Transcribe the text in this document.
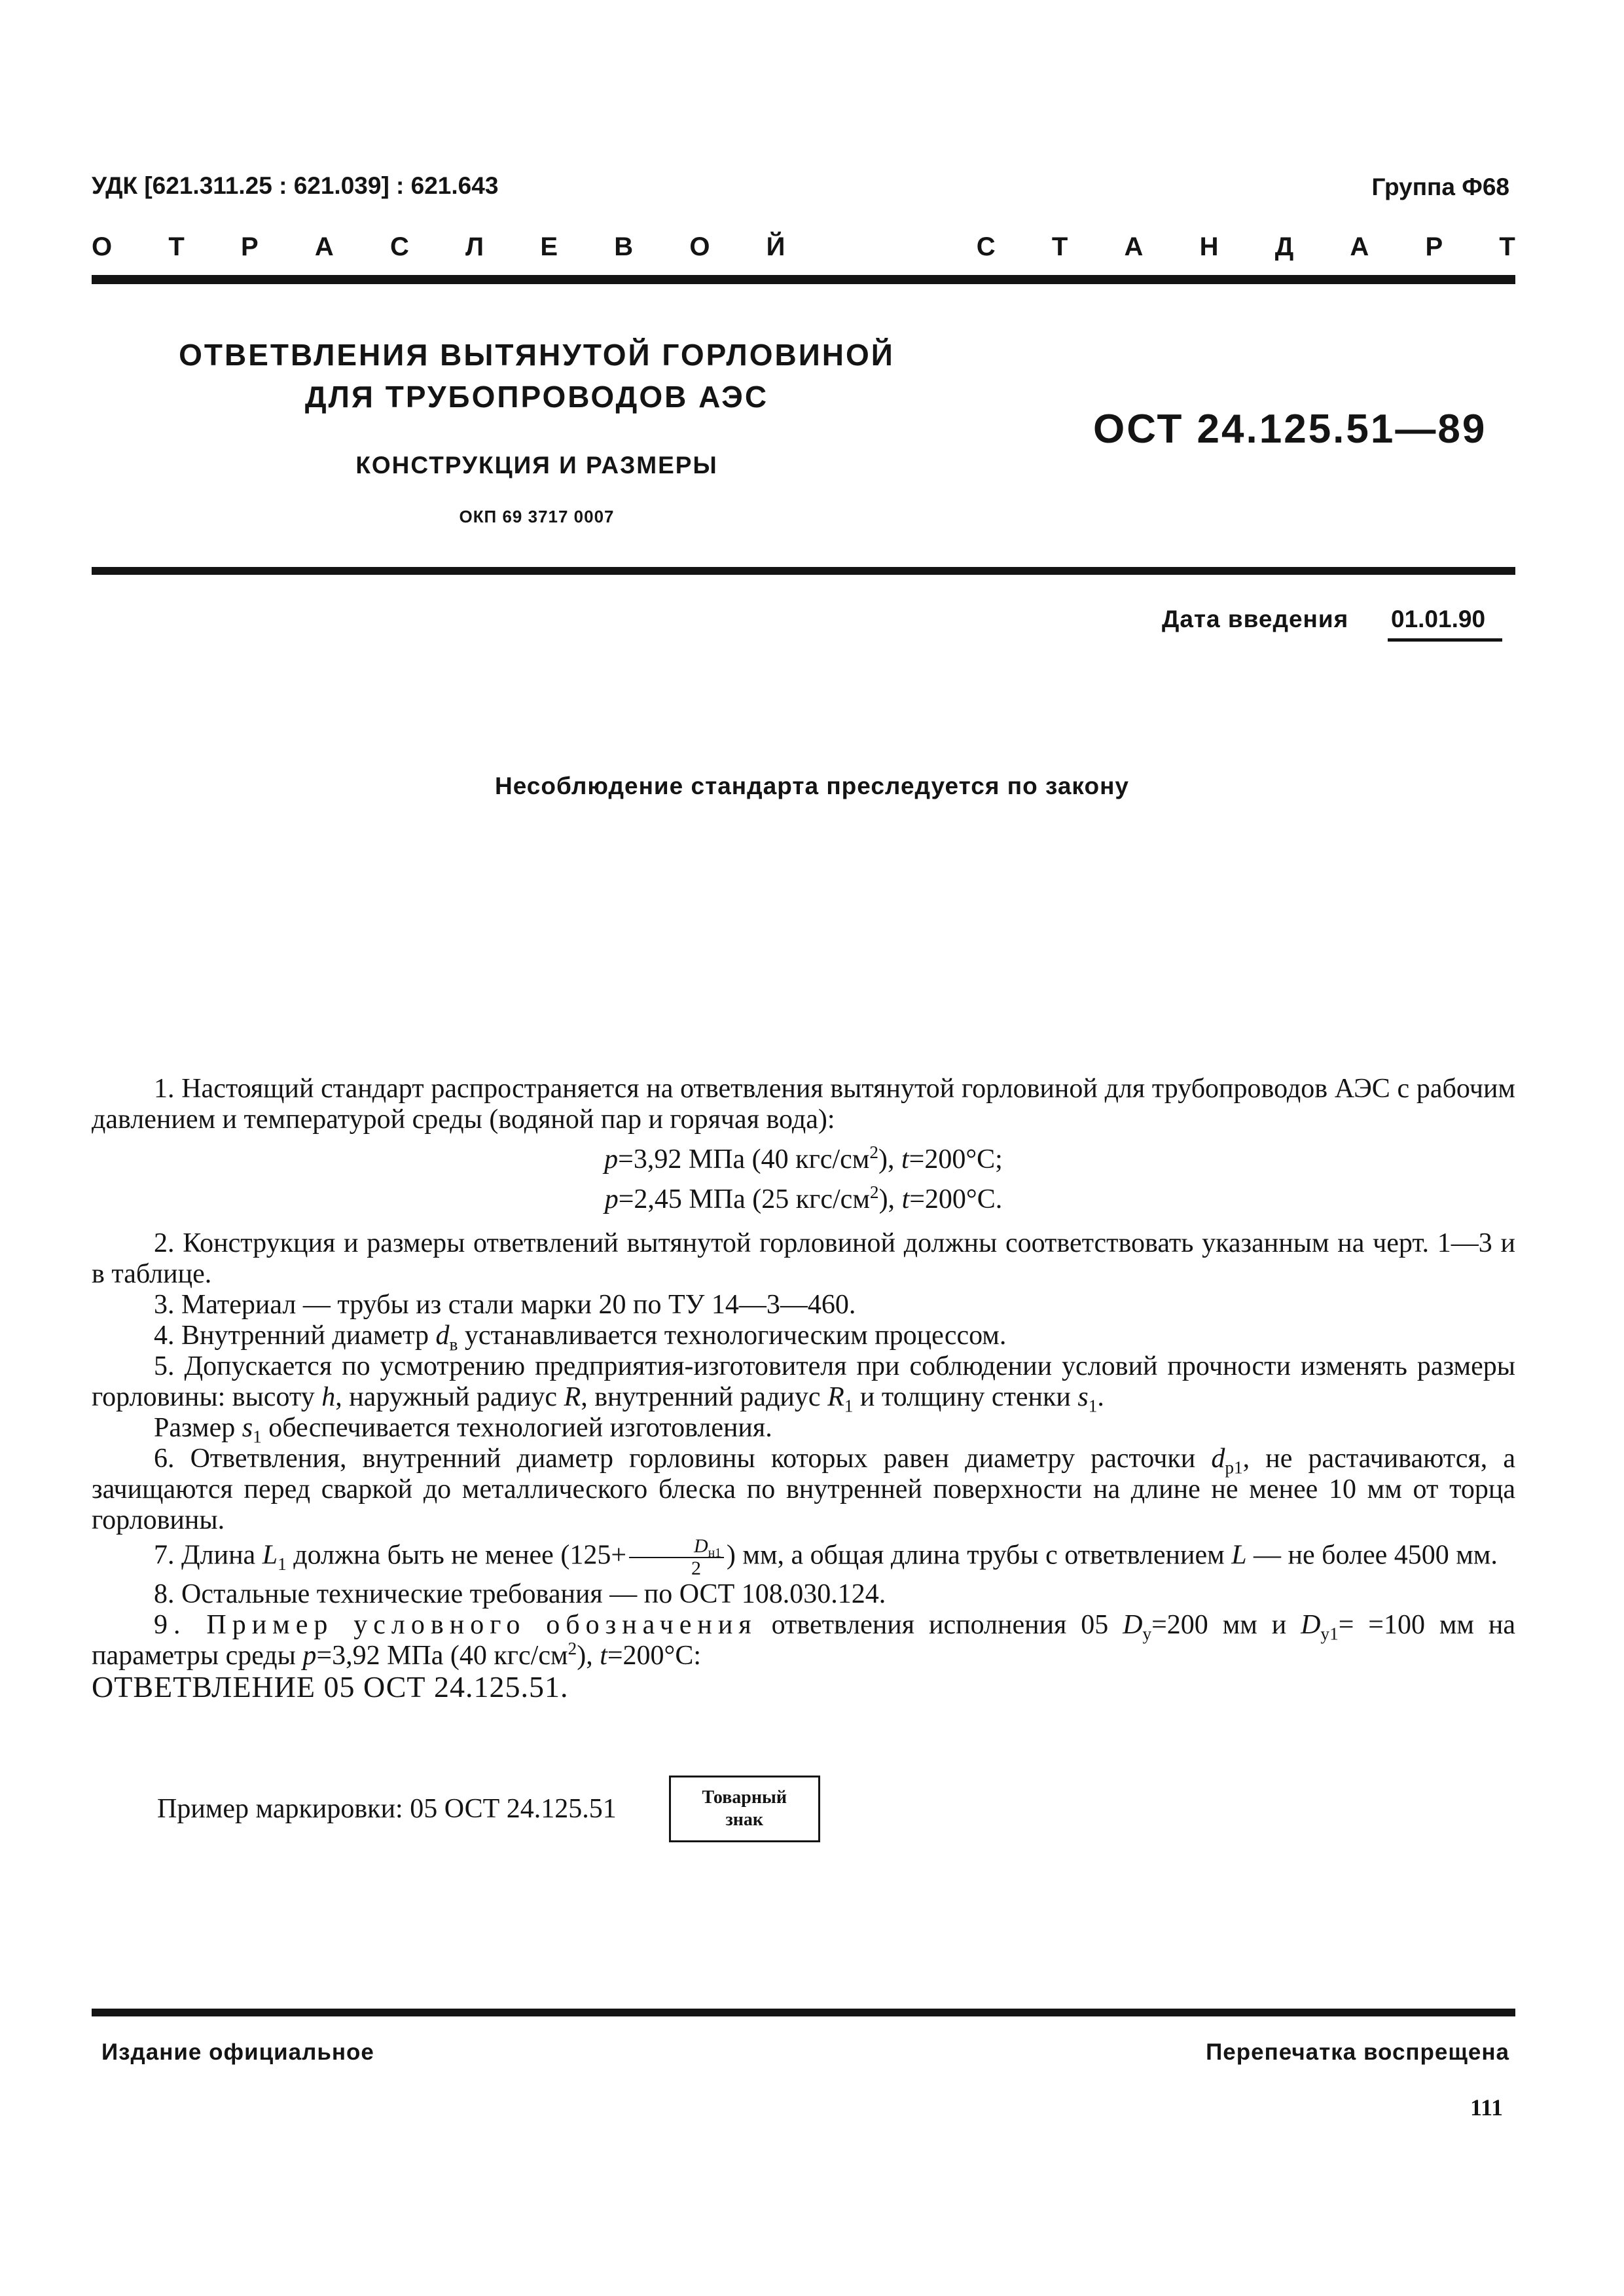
УДК [621.311.25 : 621.039] : 621.643	Группа Ф68
О Т Р А С Л Е В О Й	С Т А Н Д А Р Т
ОТВЕТВЛЕНИЯ ВЫТЯНУТОЙ ГОРЛОВИНОЙ
ДЛЯ ТРУБОПРОВОДОВ АЭС
КОНСТРУКЦИЯ И РАЗМЕРЫ
ОКП 69 3717 0007
ОСТ 24.125.51—89
Дата введения 01.01.90
Несоблюдение стандарта преследуется по закону

1. Настоящий стандарт распространяется на ответвления вытянутой горловиной для трубопроводов АЭС с рабочим давлением и температурой среды (водяной пар и горячая вода):

p=3,92 МПа (40 кгс/$см^2$), t=200°С;

p=2,45 МПа (25 кгс/$см^2$), t=200°С.

2. Конструкция и размеры ответвлений вытянутой горловиной должны соответствовать указанным на черт. 1—3 и в таблице.

3. Материал — трубы из стали марки 20 по ТУ 14—3—460.

4. Внутренний диаметр $d_в$ устанавливается технологическим процессом.

5. Допускается по усмотрению предприятия-изготовителя при соблюдении условий прочности изменять размеры горловины: высоту h, наружный радиус R, внутренний радиус $R_1$ и толщину стенки $s_1$.

Размер $s_1$ обеспечивается технологией изготовления.

6. Ответвления, внутренний диаметр горловины которых равен диаметру расточки $d_{р1}$, не растачиваются, а зачищаются перед сваркой до металлического блеска по внутренней поверхности на длине не менее 10 мм от торца горловины.

7. Длина $L_1$ должна быть не менее ($125+ \frac{D_{н1}}{2}$ ) мм, а общая длина трубы с ответвлением L — не более 4500 мм.

8. Остальные технические требования — по ОСТ 108.030.124.

9. Пример условного обозначения ответвления исполнения 05 $D_у=200$ мм и $D_{у1}= =100$ мм на параметры среды p=3,92 МПа (40 кгс/$см^2$), t=200°С:

ОТВЕТВЛЕНИЕ 05 ОСТ 24.125.51.

Пример маркировки: 05 ОСТ 24.125.51	Товарный
знак
Издание официальное	Перепечатка воспрещена
111
